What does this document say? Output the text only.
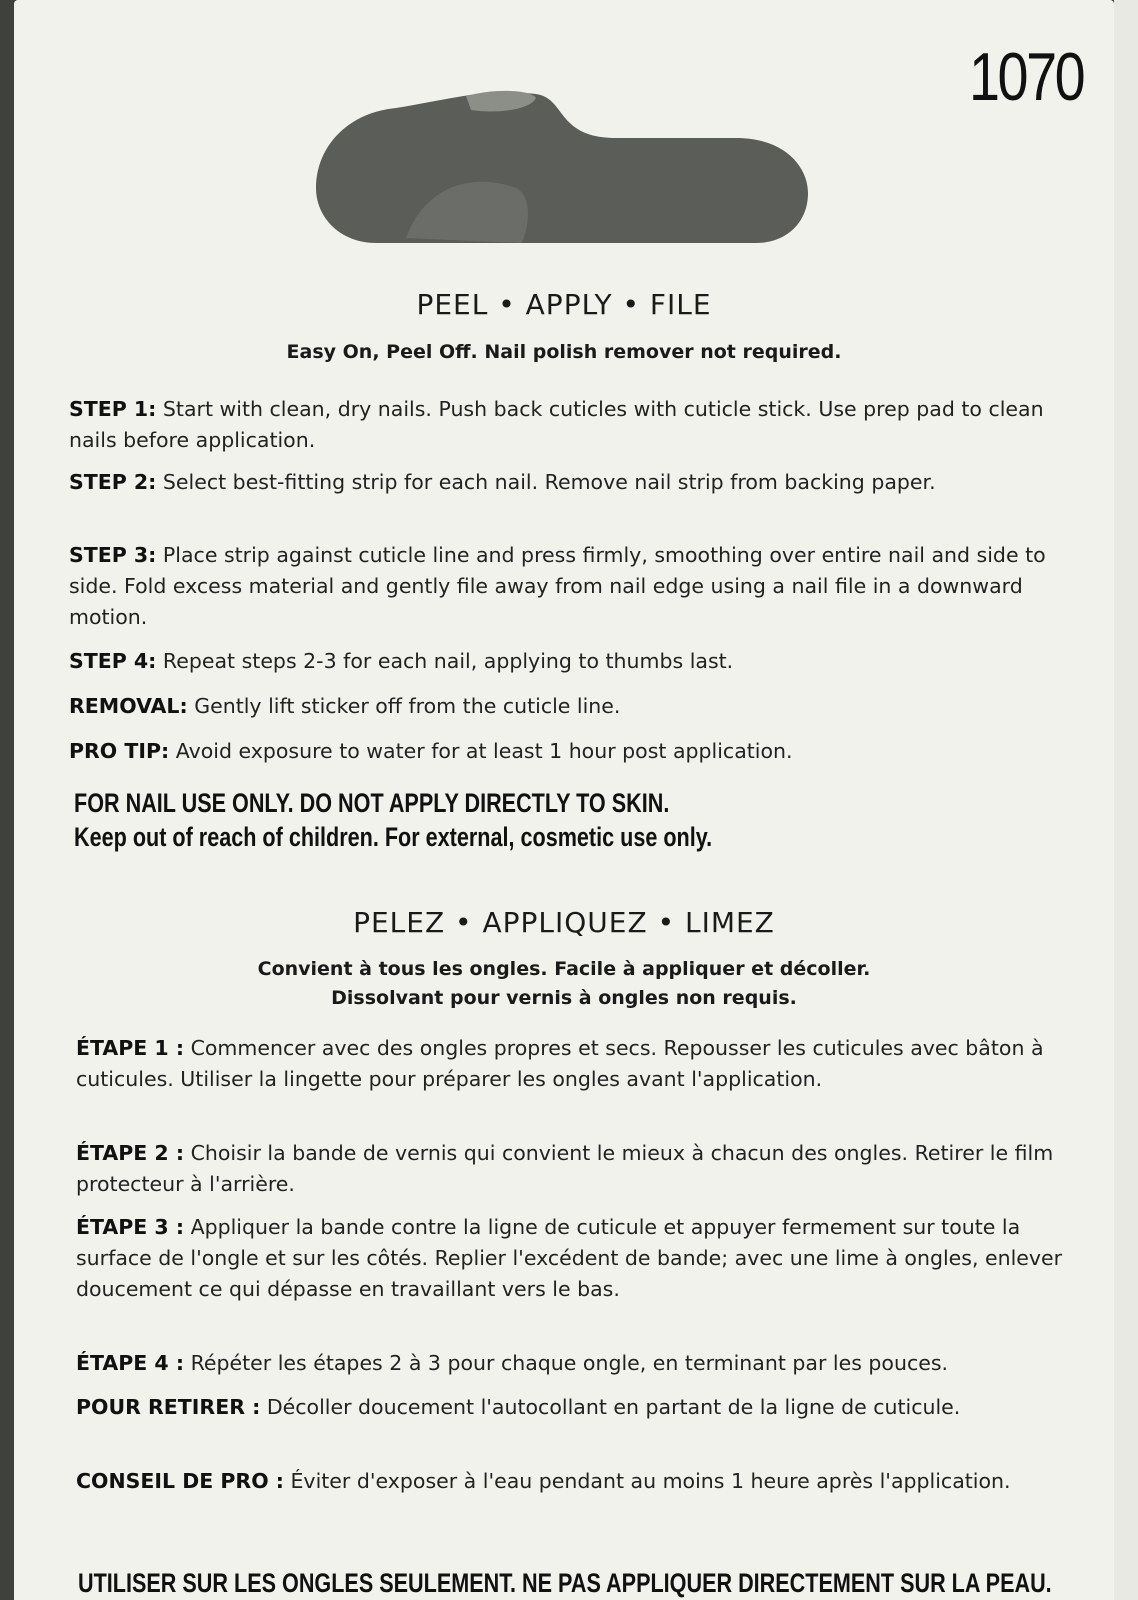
1070
PEEL • APPLY • FILE
Easy On, Peel Off. Nail polish remover not required.
STEP 1: Start with clean, dry nails. Push back cuticles with cuticle stick. Use prep pad to clean nails before application.
STEP 2: Select best-fitting strip for each nail. Remove nail strip from backing paper.
STEP 3: Place strip against cuticle line and press firmly, smoothing over entire nail and side to side. Fold excess material and gently file away from nail edge using a nail file in a downward motion.
STEP 4: Repeat steps 2-3 for each nail, applying to thumbs last.
REMOVAL: Gently lift sticker off from the cuticle line.
PRO TIP: Avoid exposure to water for at least 1 hour post application.
FOR NAIL USE ONLY. DO NOT APPLY DIRECTLY TO SKIN.
Keep out of reach of children. For external, cosmetic use only.
PELEZ • APPLIQUEZ • LIMEZ
Convient à tous les ongles. Facile à appliquer et décoller.
Dissolvant pour vernis à ongles non requis.
ÉTAPE 1 : Commencer avec des ongles propres et secs. Repousser les cuticules avec bâton à cuticules. Utiliser la lingette pour préparer les ongles avant l'application.
ÉTAPE 2 : Choisir la bande de vernis qui convient le mieux à chacun des ongles. Retirer le film protecteur à l'arrière.
ÉTAPE 3 : Appliquer la bande contre la ligne de cuticule et appuyer fermement sur toute la surface de l'ongle et sur les côtés. Replier l'excédent de bande; avec une lime à ongles, enlever doucement ce qui dépasse en travaillant vers le bas.
ÉTAPE 4 : Répéter les étapes 2 à 3 pour chaque ongle, en terminant par les pouces.
POUR RETIRER : Décoller doucement l'autocollant en partant de la ligne de cuticule.
CONSEIL DE PRO : Éviter d'exposer à l'eau pendant au moins 1 heure après l'application.
UTILISER SUR LES ONGLES SEULEMENT. NE PAS APPLIQUER DIRECTEMENT SUR LA PEAU.
